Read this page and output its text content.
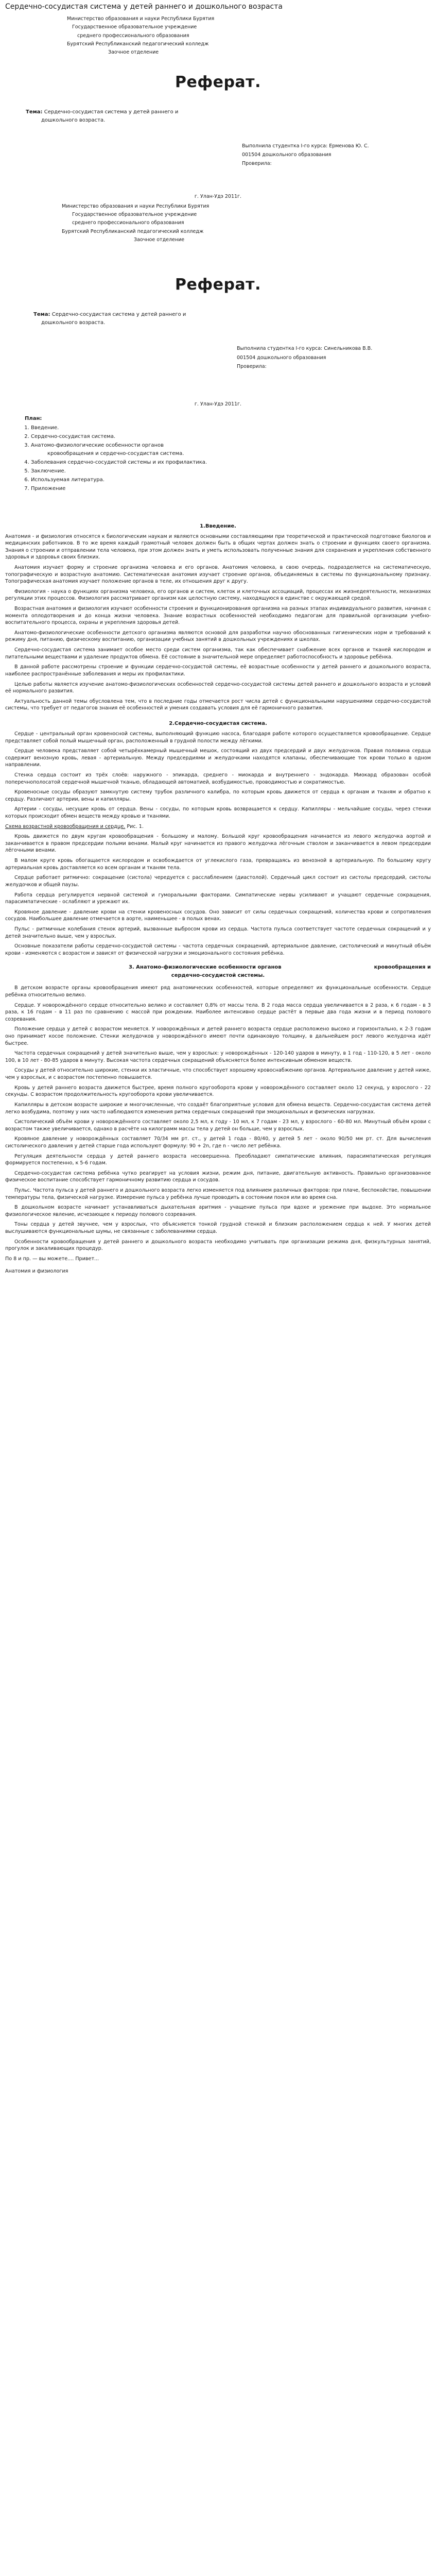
Сердечно-сосудистая система у детей раннего и дошкольного возраста
Министерство образования и науки Республики Бурятия
Государственное образовательное учреждение
среднего профессионального образования
Бурятский Республиканский педагогический колледж
Заочное отделение
Реферат.
Тема: Сердечно-сосудистая система у детей раннего и
дошкольного возраста.
Выполнила студентка I-го курса: Ерменова Ю. С.
001504 дошкольного образования
Проверила:
г. Улан-Удэ 2011г.
Министерство образования и науки Республики Бурятия
Государственное образовательное учреждение
среднего профессионального образования
Бурятский Республиканский педагогический колледж
Заочное отделение
Реферат.
Тема: Сердечно-сосудистая система у детей раннего и
дошкольного возраста.
Выполнила студентка I-го курса: Синельникова В.В.
001504 дошкольного образования
Проверила:
г. Улан-Удэ 2011г.
План:
1. Введение.
2. Сердечно-сосудистая система.
3. Анатомо-физиологические особенности органов
кровообращения и сердечно-сосудистая система.
4. Заболевания сердечно-сосудистой системы и их профилактика.
5. Заключение.
6. Используемая литература.
7. Приложение
1.Введение.

Анатомия - и физиология относятся к биологическим наукам и являются основными составляющими при теоретической и практической подготовке биологов и медицинских работников. В то же время каждый грамотный человек должен быть в общих чертах должен знать о строении и функциях своего организма. Знания о строении и отправлении тела человека, при этом должен знать и уметь использовать полученные знания для сохранения и укрепления собственного здоровья и здоровья своих близких.

Анатомия изучает форму и строение организма человека и его органов. Анатомия человека, в свою очередь, подразделяется на систематическую, топографическую и возрастную анатомию. Систематическая анатомия изучает строение органов, объединяемых в системы по функциональному признаку. Топографическая анатомия изучает положение органов в теле, их отношения друг к другу.

Физиология - наука о функциях организма человека, его органов и систем, клеток и клеточных ассоциаций, процессах их жизнедеятельности, механизмах регуляции этих процессов. Физиология рассматривает организм как целостную систему, находящуюся в единстве с окружающей средой.

Возрастная анатомия и физиология изучают особенности строения и функционирования организма на разных этапах индивидуального развития, начиная с момента оплодотворения и до конца жизни человека. Знание возрастных особенностей необходимо педагогам для правильной организации учебно-воспитательного процесса, охраны и укрепления здоровья детей.

Анатомо-физиологические особенности детского организма являются основой для разработки научно обоснованных гигиенических норм и требований к режиму дня, питанию, физическому воспитанию, организации учебных занятий в дошкольных учреждениях и школах.

Сердечно-сосудистая система занимает особое место среди систем организма, так как обеспечивает снабжение всех органов и тканей кислородом и питательными веществами и удаление продуктов обмена. Её состояние в значительной мере определяет работоспособность и здоровье ребёнка.

В данной работе рассмотрены строение и функции сердечно-сосудистой системы, её возрастные особенности у детей раннего и дошкольного возраста, наиболее распространённые заболевания и меры их профилактики.

Целью работы является изучение анатомо-физиологических особенностей сердечно-сосудистой системы детей раннего и дошкольного возраста и условий её нормального развития.

Актуальность данной темы обусловлена тем, что в последние годы отмечается рост числа детей с функциональными нарушениями сердечно-сосудистой системы, что требует от педагогов знания её особенностей и умения создавать условия для её гармоничного развития.

2.Сердечно-сосудистая система.

Сердце - центральный орган кровеносной системы, выполняющий функцию насоса, благодаря работе которого осуществляется кровообращение. Сердце представляет собой полый мышечный орган, расположенный в грудной полости между лёгкими.

Сердце человека представляет собой четырёхкамерный мышечный мешок, состоящий из двух предсердий и двух желудочков. Правая половина сердца содержит венозную кровь, левая - артериальную. Между предсердиями и желудочками находятся клапаны, обеспечивающие ток крови только в одном направлении.

Стенка сердца состоит из трёх слоёв: наружного - эпикарда, среднего - миокарда и внутреннего - эндокарда. Миокард образован особой поперечнополосатой сердечной мышечной тканью, обладающей автоматией, возбудимостью, проводимостью и сократимостью.

Кровеносные сосуды образуют замкнутую систему трубок различного калибра, по которым кровь движется от сердца к органам и тканям и обратно к сердцу. Различают артерии, вены и капилляры.

Артерии - сосуды, несущие кровь от сердца. Вены - сосуды, по которым кровь возвращается к сердцу. Капилляры - мельчайшие сосуды, через стенки которых происходит обмен веществ между кровью и тканями.

Схема возрастной кровообращения и сердце. Рис. 1.

Кровь движется по двум кругам кровообращения - большому и малому. Большой круг кровообращения начинается из левого желудочка аортой и заканчивается в правом предсердии полыми венами. Малый круг начинается из правого желудочка лёгочным стволом и заканчивается в левом предсердии лёгочными венами.

В малом круге кровь обогащается кислородом и освобождается от углекислого газа, превращаясь из венозной в артериальную. По большому кругу артериальная кровь доставляется ко всем органам и тканям тела.

Сердце работает ритмично: сокращение (систола) чередуется с расслаблением (диастолой). Сердечный цикл состоит из систолы предсердий, систолы желудочков и общей паузы.

Работа сердца регулируется нервной системой и гуморальными факторами. Симпатические нервы усиливают и учащают сердечные сокращения, парасимпатические - ослабляют и урежают их.

Кровяное давление - давление крови на стенки кровеносных сосудов. Оно зависит от силы сердечных сокращений, количества крови и сопротивления сосудов. Наибольшее давление отмечается в аорте, наименьшее - в полых венах.

Пульс - ритмичные колебания стенок артерий, вызванные выбросом крови из сердца. Частота пульса соответствует частоте сердечных сокращений и у детей значительно выше, чем у взрослых.

Основные показатели работы сердечно-сосудистой системы - частота сердечных сокращений, артериальное давление, систолический и минутный объём крови - изменяются с возрастом и зависят от физической нагрузки и эмоционального состояния ребёнка.

3. Анатомо-физиологические особенности органов	кровообращения и
сердечно-сосудистой системы.

В детском возрасте органы кровообращения имеют ряд анатомических особенностей, которые определяют их функциональные особенности. Сердце ребёнка относительно велико.

Сердце. У новорождённого сердце относительно велико и составляет 0,8% от массы тела. В 2 года масса сердца увеличивается в 2 раза, к 6 годам - в 3 раза, к 16 годам - в 11 раз по сравнению с массой при рождении. Наиболее интенсивно сердце растёт в первые два года жизни и в период полового созревания.

Положение сердца у детей с возрастом меняется. У новорождённых и детей раннего возраста сердце расположено высоко и горизонтально, к 2-3 годам оно принимает косое положение. Стенки желудочков у новорождённого имеют почти одинаковую толщину, в дальнейшем рост левого желудочка идёт быстрее.

Частота сердечных сокращений у детей значительно выше, чем у взрослых: у новорождённых - 120-140 ударов в минуту, в 1 год - 110-120, в 5 лет - около 100, в 10 лет - 80-85 ударов в минуту. Высокая частота сердечных сокращений объясняется более интенсивным обменом веществ.

Сосуды у детей относительно широкие, стенки их эластичные, что способствует хорошему кровоснабжению органов. Артериальное давление у детей ниже, чем у взрослых, и с возрастом постепенно повышается.

Кровь у детей раннего возраста движется быстрее, время полного кругооборота крови у новорождённого составляет около 12 секунд, у взрослого - 22 секунды. С возрастом продолжительность кругооборота крови увеличивается.

Капилляры в детском возрасте широкие и многочисленные, что создаёт благоприятные условия для обмена веществ. Сердечно-сосудистая система детей легко возбудима, поэтому у них часто наблюдаются изменения ритма сердечных сокращений при эмоциональных и физических нагрузках.

Систолический объём крови у новорождённого составляет около 2,5 мл, к году - 10 мл, к 7 годам - 23 мл, у взрослого - 60-80 мл. Минутный объём крови с возрастом также увеличивается, однако в расчёте на килограмм массы тела у детей он больше, чем у взрослых.

Кровяное давление у новорождённых составляет 70/34 мм рт. ст., у детей 1 года - 80/40, у детей 5 лет - около 90/50 мм рт. ст. Для вычисления систолического давления у детей старше года используют формулу: 90 + 2n, где n - число лет ребёнка.

Регуляция деятельности сердца у детей раннего возраста несовершенна. Преобладают симпатические влияния, парасимпатическая регуляция формируется постепенно, к 5-6 годам.

Сердечно-сосудистая система ребёнка чутко реагирует на условия жизни, режим дня, питание, двигательную активность. Правильно организованное физическое воспитание способствует гармоничному развитию сердца и сосудов.

Пульс. Частота пульса у детей раннего и дошкольного возраста легко изменяется под влиянием различных факторов: при плаче, беспокойстве, повышении температуры тела, физической нагрузке. Измерение пульса у ребёнка лучше проводить в состоянии покоя или во время сна.

В дошкольном возрасте начинает устанавливаться дыхательная аритмия - учащение пульса при вдохе и урежение при выдохе. Это нормальное физиологическое явление, исчезающее к периоду полового созревания.

Тоны сердца у детей звучнее, чем у взрослых, что объясняется тонкой грудной стенкой и близким расположением сердца к ней. У многих детей выслушиваются функциональные шумы, не связанные с заболеваниями сердца.

Особенности кровообращения у детей раннего и дошкольного возраста необходимо учитывать при организации режима дня, физкультурных занятий, прогулок и закаливающих процедур.

По 8 и пр. — вы можете.... Привет...

Анатомия и физиология
